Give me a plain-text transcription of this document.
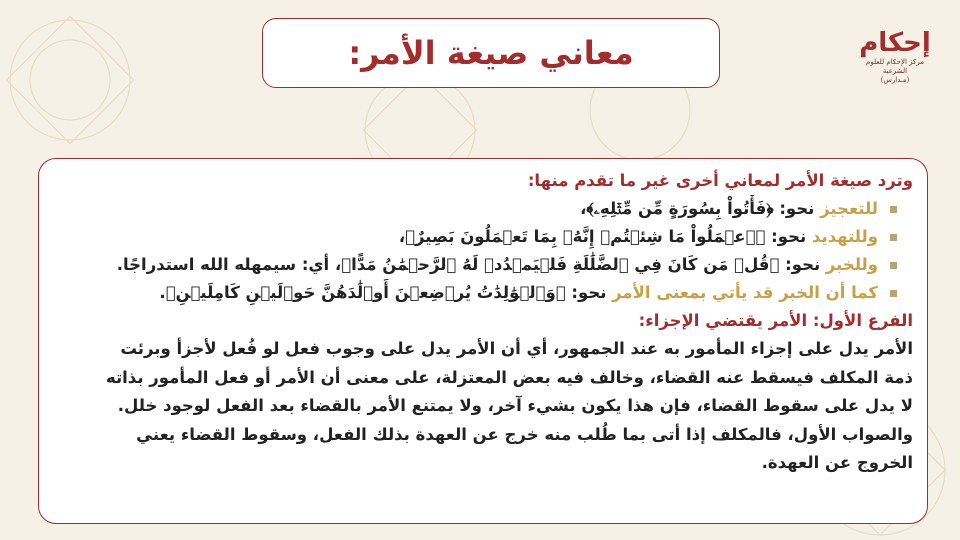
إحكام
مركز الإحكام للعلوم الشرعية
(مـدارس)
معاني صيغة الأمر:
وترد صيغة الأمر لمعاني أخرى غير ما تقدم منها:
للتعجيز نحو: ﴿فَأْتُواْ بِسُورَةٍ مِّن مِّثۡلِهِۦ﴾،
وللتهديد نحو: ﴿ٱعۡمَلُواْ مَا شِئۡتُمۡ إِنَّهُۥ بِمَا تَعۡمَلُونَ بَصِيرٌ﴾،
وللخبر نحو: ﴿قُلۡ مَن كَانَ فِي ٱلضَّلَٰلَةِ فَلۡيَمۡدُدۡ لَهُ ٱلرَّحۡمَٰنُ مَدًّا﴾، أي: سيمهله الله استدراجًا.
كما أن الخبر قد يأتي بمعنى الأمر نحو: ﴿وَٱلۡوَٰلِدَٰتُ يُرۡضِعۡنَ أَوۡلَٰدَهُنَّ حَوۡلَيۡنِ كَامِلَيۡنِ﴾.
الفرع الأول: الأمر يقتضي الإجزاء:
الأمر يدل على إجزاء المأمور به عند الجمهور، أي أن الأمر يدل على وجوب فعل لو فُعل لأجزأ وبرئت
ذمة المكلف فيسقط عنه القضاء، وخالف فيه بعض المعتزلة، على معنى أن الأمر أو فعل المأمور بذاته
لا يدل على سقوط القضاء، فإن هذا يكون بشيء آخر، ولا يمتنع الأمر بالقضاء بعد الفعل لوجود خلل.
والصواب الأول، فالمكلف إذا أتى بما طُلب منه خرج عن العهدة بذلك الفعل، وسقوط القضاء يعني
الخروج عن العهدة.
